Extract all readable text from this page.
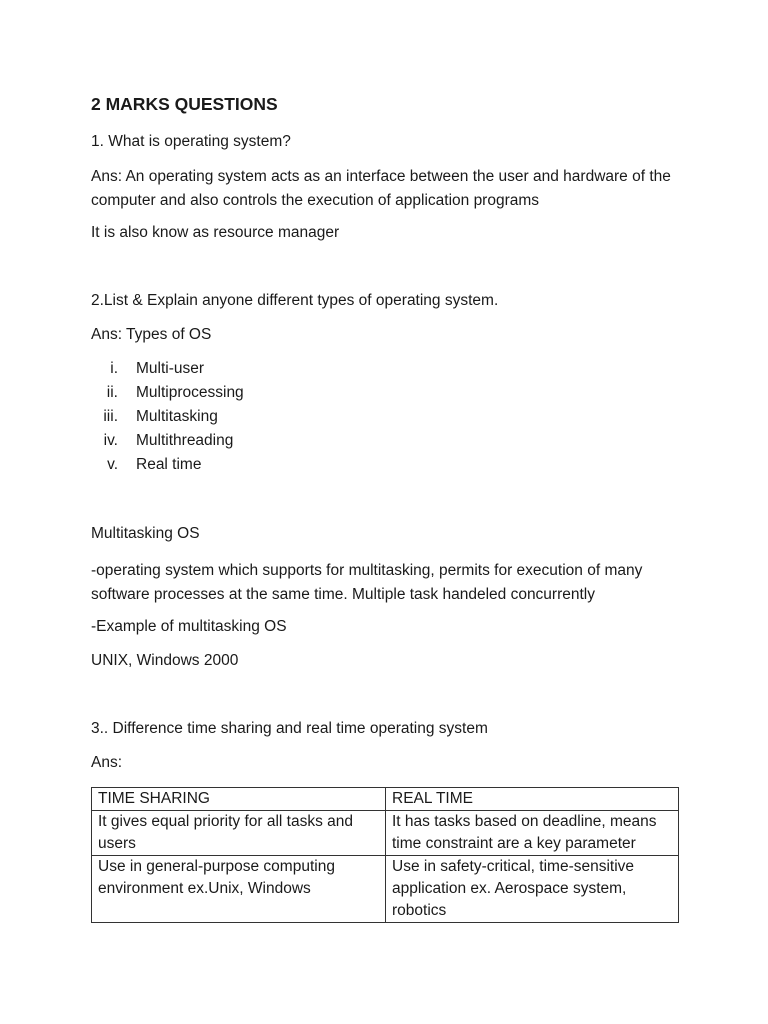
2 MARKS QUESTIONS
1. What is operating system?
Ans: An operating system acts as an interface between the user and hardware of the computer and also controls the execution of application programs
It is also know as resource manager
2.List & Explain anyone different types of operating system.
Ans: Types of OS
i. Multi-user
ii. Multiprocessing
iii. Multitasking
iv. Multithreading
v. Real time
Multitasking OS
-operating system which supports for multitasking, permits for execution of many software processes at the same time. Multiple task handeled concurrently
-Example of multitasking OS
UNIX, Windows 2000
3.. Difference time sharing and real time operating system
Ans:
TIME SHARING	REAL TIME
It gives equal priority for all tasks and users	It has tasks based on deadline, means time constraint are a key parameter
Use in general-purpose computing environment ex.Unix, Windows	Use in safety-critical, time-sensitive application ex. Aerospace system, robotics
